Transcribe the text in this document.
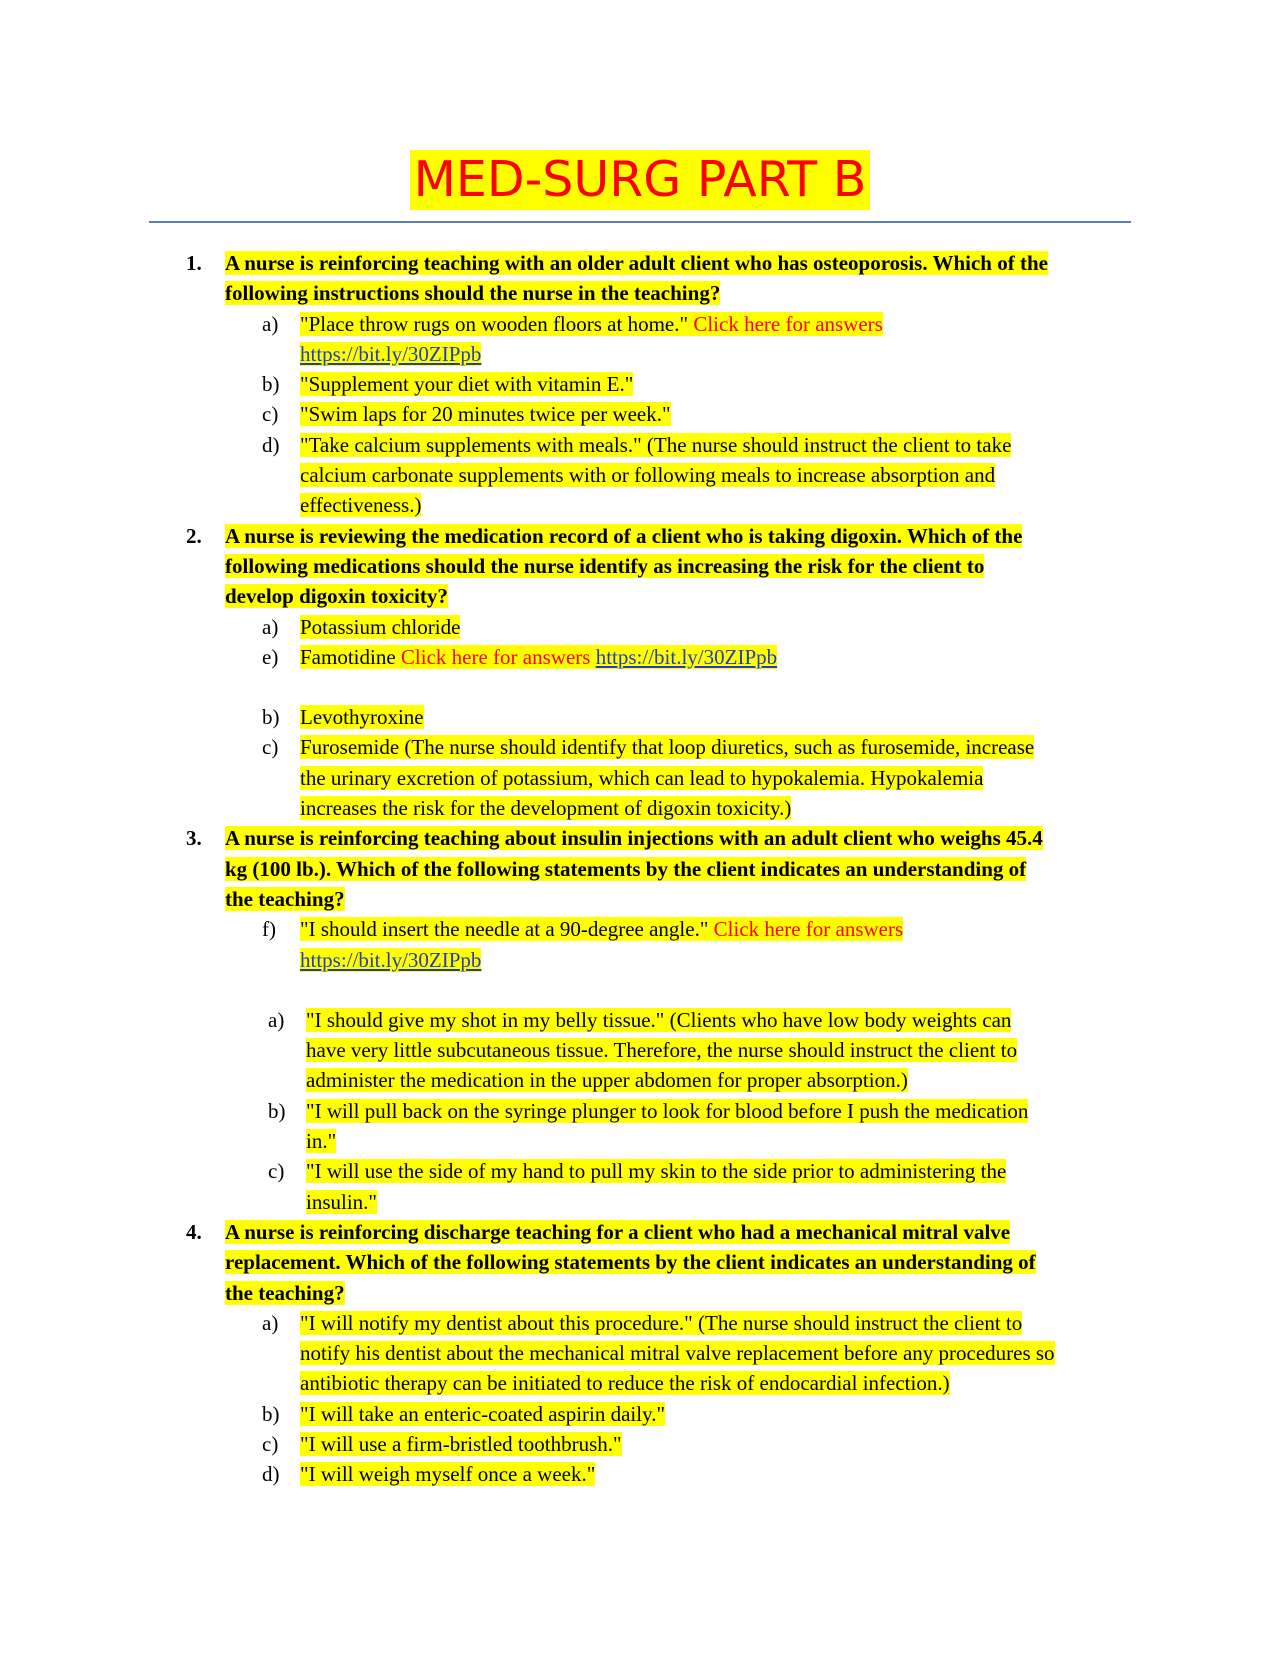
MED-SURG PART B
1. A nurse is reinforcing teaching with an older adult client who has osteoporosis. Which of the
following instructions should the nurse in the teaching?
a) "Place throw rugs on wooden floors at home." Click here for answers
https://bit.ly/30ZIPpb
b) "Supplement your diet with vitamin E."
c) "Swim laps for 20 minutes twice per week."
d) "Take calcium supplements with meals." (The nurse should instruct the client to take
calcium carbonate supplements with or following meals to increase absorption and
effectiveness.)
2. A nurse is reviewing the medication record of a client who is taking digoxin. Which of the
following medications should the nurse identify as increasing the risk for the client to
develop digoxin toxicity?
a) Potassium chloride
e) Famotidine Click here for answers https://bit.ly/30ZIPpb
b) Levothyroxine
c) Furosemide (The nurse should identify that loop diuretics, such as furosemide, increase
the urinary excretion of potassium, which can lead to hypokalemia. Hypokalemia
increases the risk for the development of digoxin toxicity.)
3. A nurse is reinforcing teaching about insulin injections with an adult client who weighs 45.4
kg (100 lb.). Which of the following statements by the client indicates an understanding of
the teaching?
f) "I should insert the needle at a 90-degree angle." Click here for answers
https://bit.ly/30ZIPpb
a) "I should give my shot in my belly tissue." (Clients who have low body weights can
have very little subcutaneous tissue. Therefore, the nurse should instruct the client to
administer the medication in the upper abdomen for proper absorption.)
b) "I will pull back on the syringe plunger to look for blood before I push the medication
in."
c) "I will use the side of my hand to pull my skin to the side prior to administering the
insulin."
4. A nurse is reinforcing discharge teaching for a client who had a mechanical mitral valve
replacement. Which of the following statements by the client indicates an understanding of
the teaching?
a) "I will notify my dentist about this procedure." (The nurse should instruct the client to
notify his dentist about the mechanical mitral valve replacement before any procedures so
antibiotic therapy can be initiated to reduce the risk of endocardial infection.)
b) "I will take an enteric-coated aspirin daily."
c) "I will use a firm-bristled toothbrush."
d) "I will weigh myself once a week."
